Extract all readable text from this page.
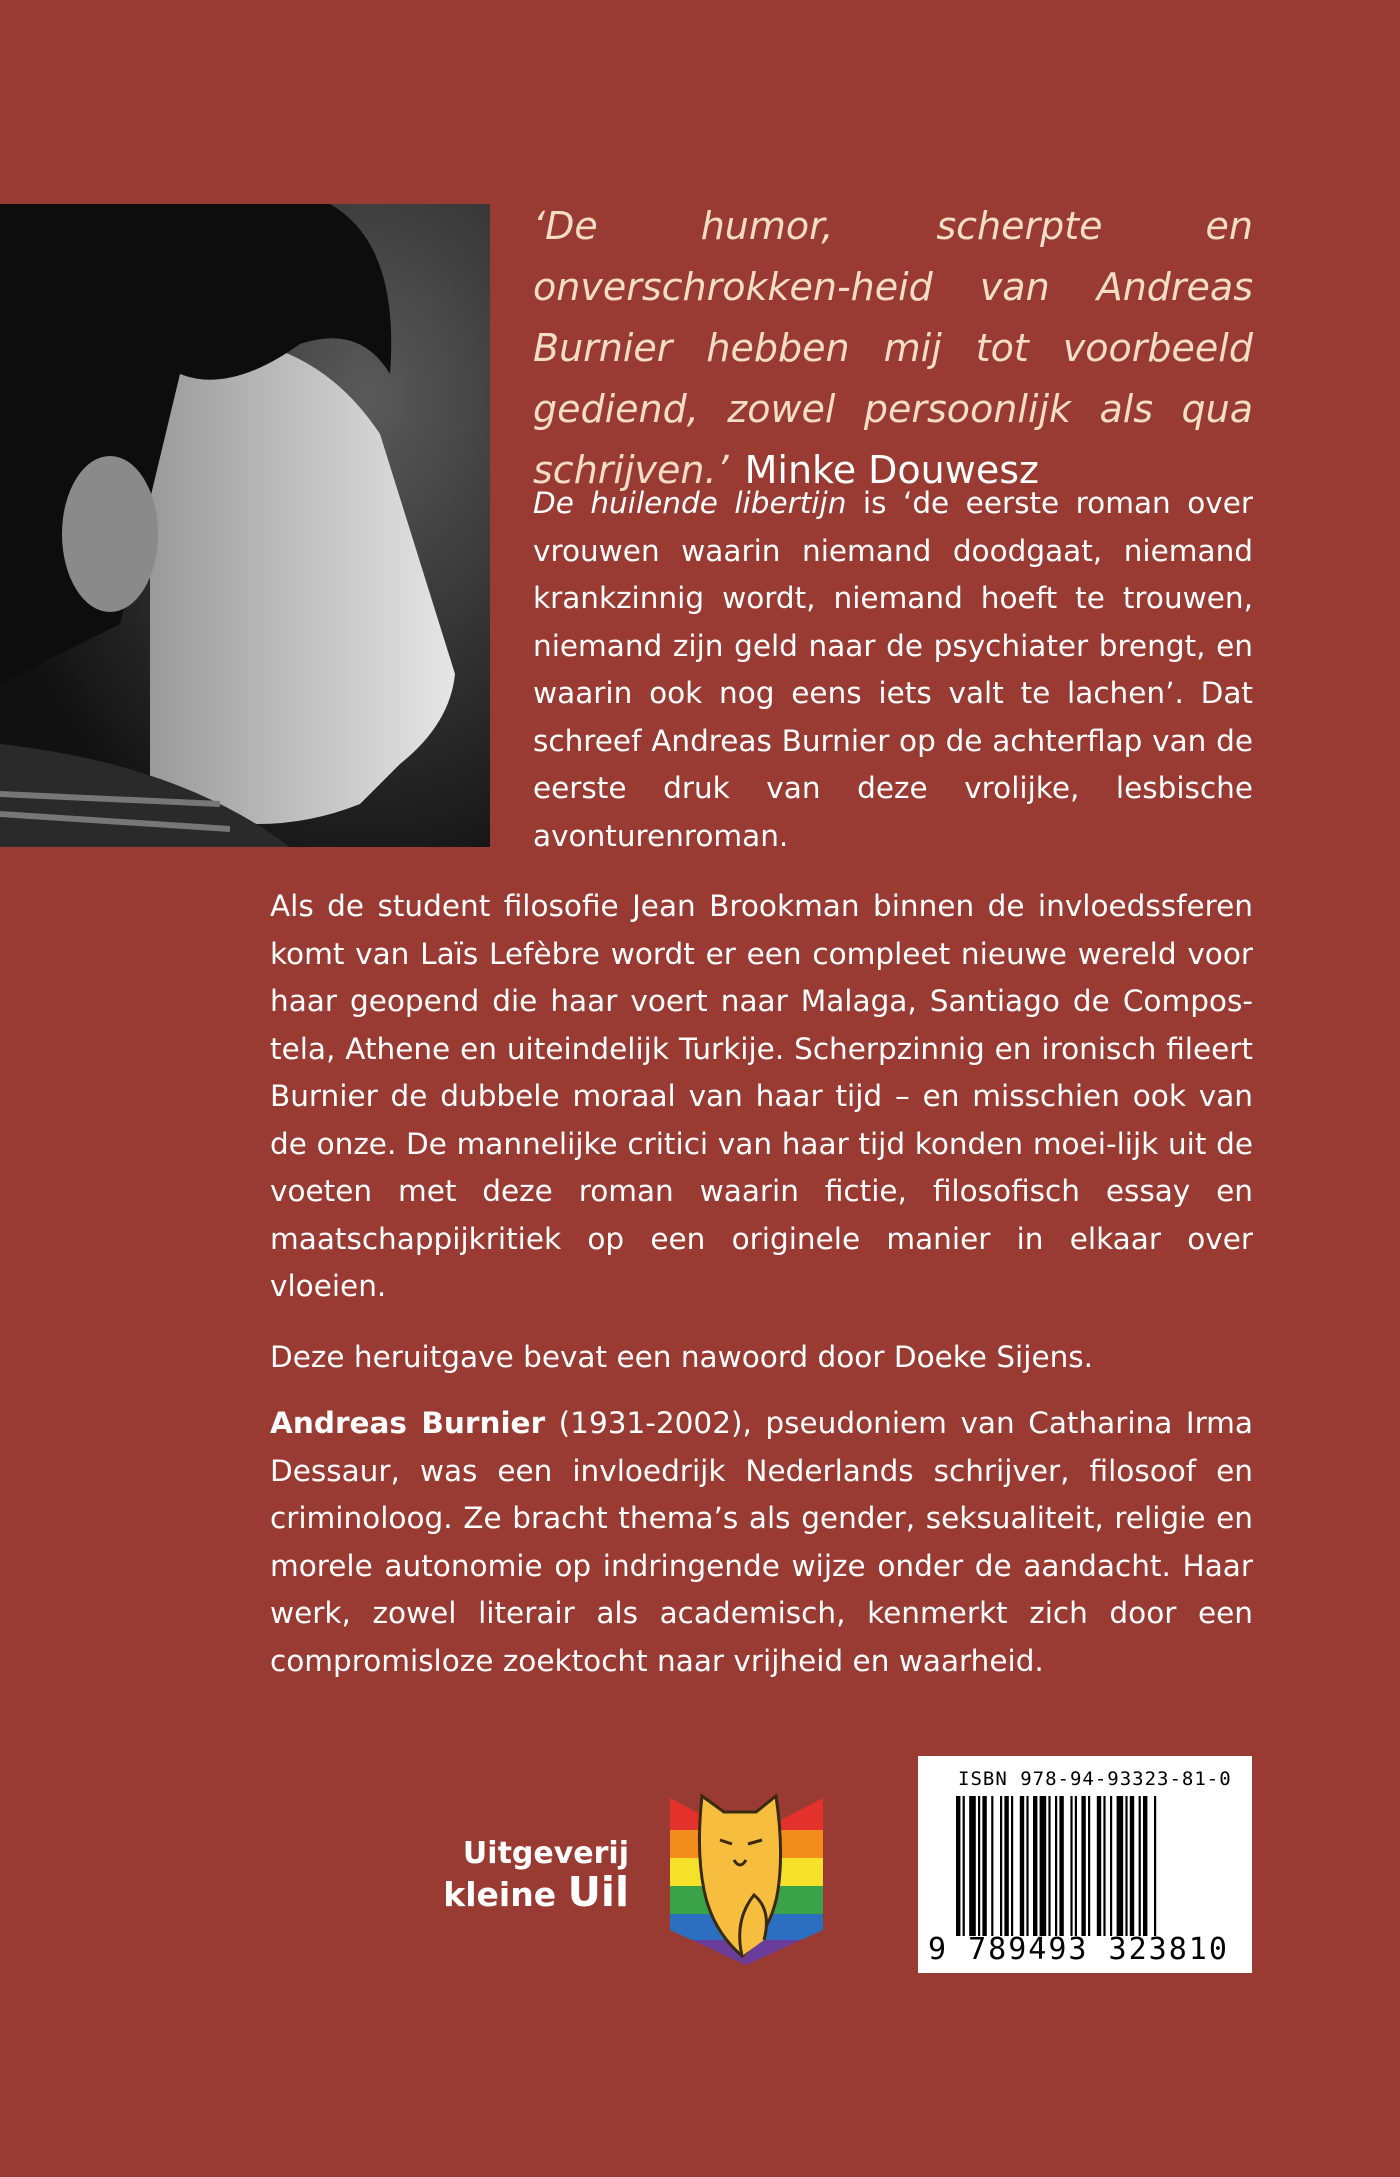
‘De humor, scherpte en onverschrokken-heid van Andreas Burnier hebben mij tot voorbeeld gediend, zowel persoonlijk als qua schrijven.’ Minke Douwesz
De huilende libertijn is ‘de eerste roman over vrouwen waarin niemand doodgaat, niemand krankzinnig wordt, niemand hoeft te trouwen, niemand zijn geld naar de psychiater brengt, en waarin ook nog eens iets valt te lachen’. Dat schreef Andreas Burnier op de achterflap van de eerste druk van deze vrolijke, lesbische avonturenroman.

Als de student filosofie Jean Brookman binnen de invloedssferen komt van Laïs Lefèbre wordt er een compleet nieuwe wereld voor haar geopend die haar voert naar Malaga, Santiago de Compos-tela, Athene en uiteindelijk Turkije. Scherpzinnig en ironisch fileert Burnier de dubbele moraal van haar tijd – en misschien ook van de onze. De mannelijke critici van haar tijd konden moei-lijk uit de voeten met deze roman waarin fictie, filosofisch essay en maatschappijkritiek op een originele manier in elkaar over vloeien.

Deze heruitgave bevat een nawoord door Doeke Sijens.

Andreas Burnier (1931-2002), pseudoniem van Catharina Irma Dessaur, was een invloedrijk Nederlands schrijver, filosoof en criminoloog. Ze bracht thema’s als gender, seksualiteit, religie en morele autonomie op indringende wijze onder de aandacht. Haar werk, zowel literair als academisch, kenmerkt zich door een compromisloze zoektocht naar vrijheid en waarheid.

Uitgeverij
kleine Uil
ISBN 978-94-93323-81-0
9 789493 323810
